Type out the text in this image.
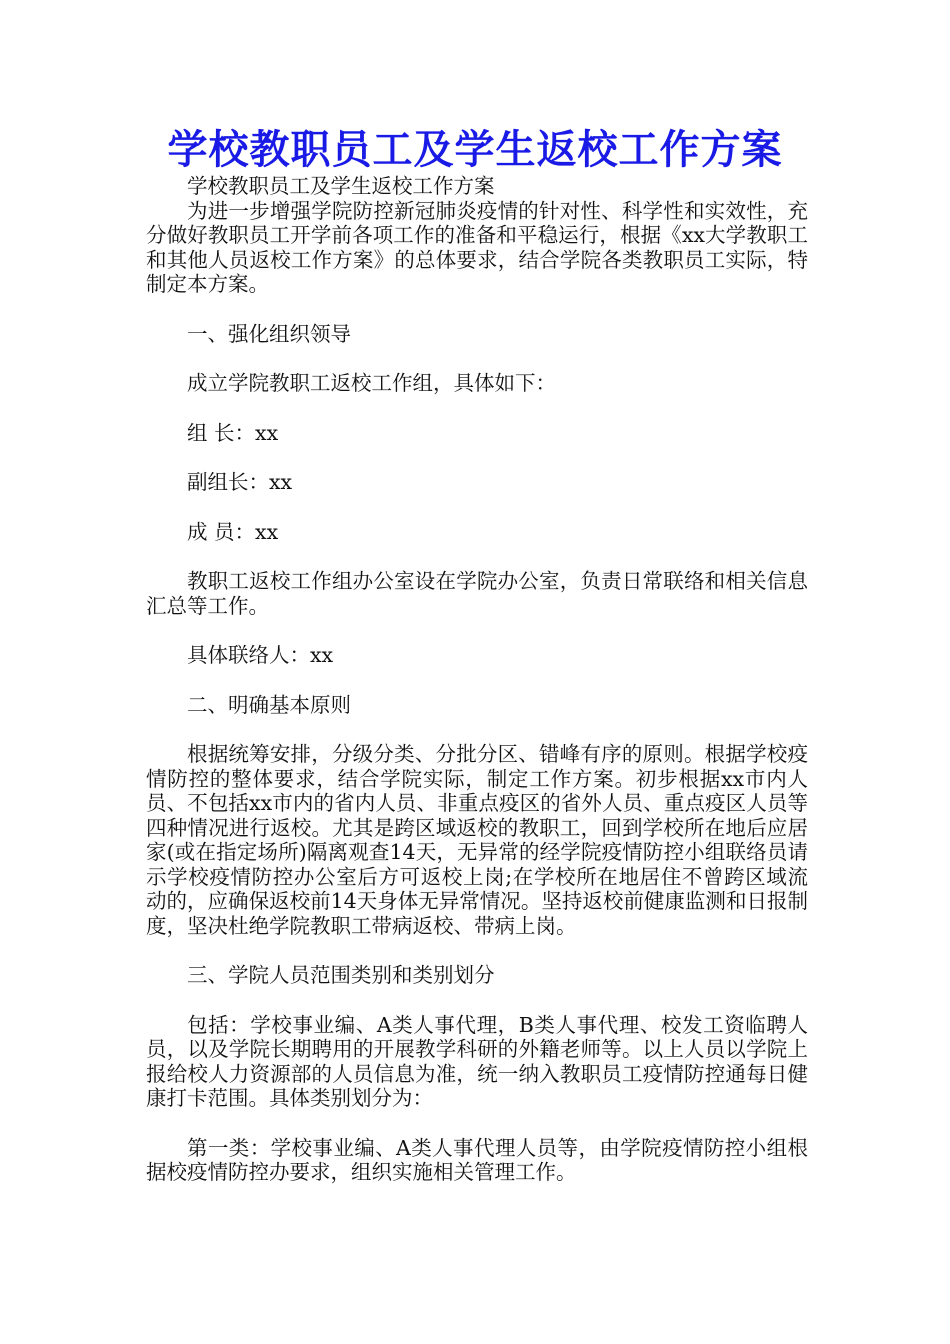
学校教职员工及学生返校工作方案

学校教职员工及学生返校工作方案

为进一步增强学院防控新冠肺炎疫情的针对性、科学性和实效性，充分做好教职员工开学前各项工作的准备和平稳运行，根据《xx大学教职工和其他人员返校工作方案》的总体要求，结合学院各类教职员工实际，特制定本方案。

一、强化组织领导

成立学院教职工返校工作组，具体如下：

组 长：xx

副组长：xx

成 员：xx

教职工返校工作组办公室设在学院办公室，负责日常联络和相关信息汇总等工作。

具体联络人：xx

二、明确基本原则

根据统筹安排，分级分类、分批分区、错峰有序的原则。根据学校疫情防控的整体要求，结合学院实际，制定工作方案。初步根据xx市内人员、不包括xx市内的省内人员、非重点疫区的省外人员、重点疫区人员等四种情况进行返校。尤其是跨区域返校的教职工，回到学校所在地后应居家(或在指定场所)隔离观查14天，无异常的经学院疫情防控小组联络员请示学校疫情防控办公室后方可返校上岗;在学校所在地居住不曾跨区域流动的，应确保返校前14天身体无异常情况。坚持返校前健康监测和日报制度，坚决杜绝学院教职工带病返校、带病上岗。

三、学院人员范围类别和类别划分

包括：学校事业编、A类人事代理，B类人事代理、校发工资临聘人员，以及学院长期聘用的开展教学科研的外籍老师等。以上人员以学院上报给校人力资源部的人员信息为准，统一纳入教职员工疫情防控通每日健康打卡范围。具体类别划分为：

第一类：学校事业编、A类人事代理人员等，由学院疫情防控小组根据校疫情防控办要求，组织实施相关管理工作。
